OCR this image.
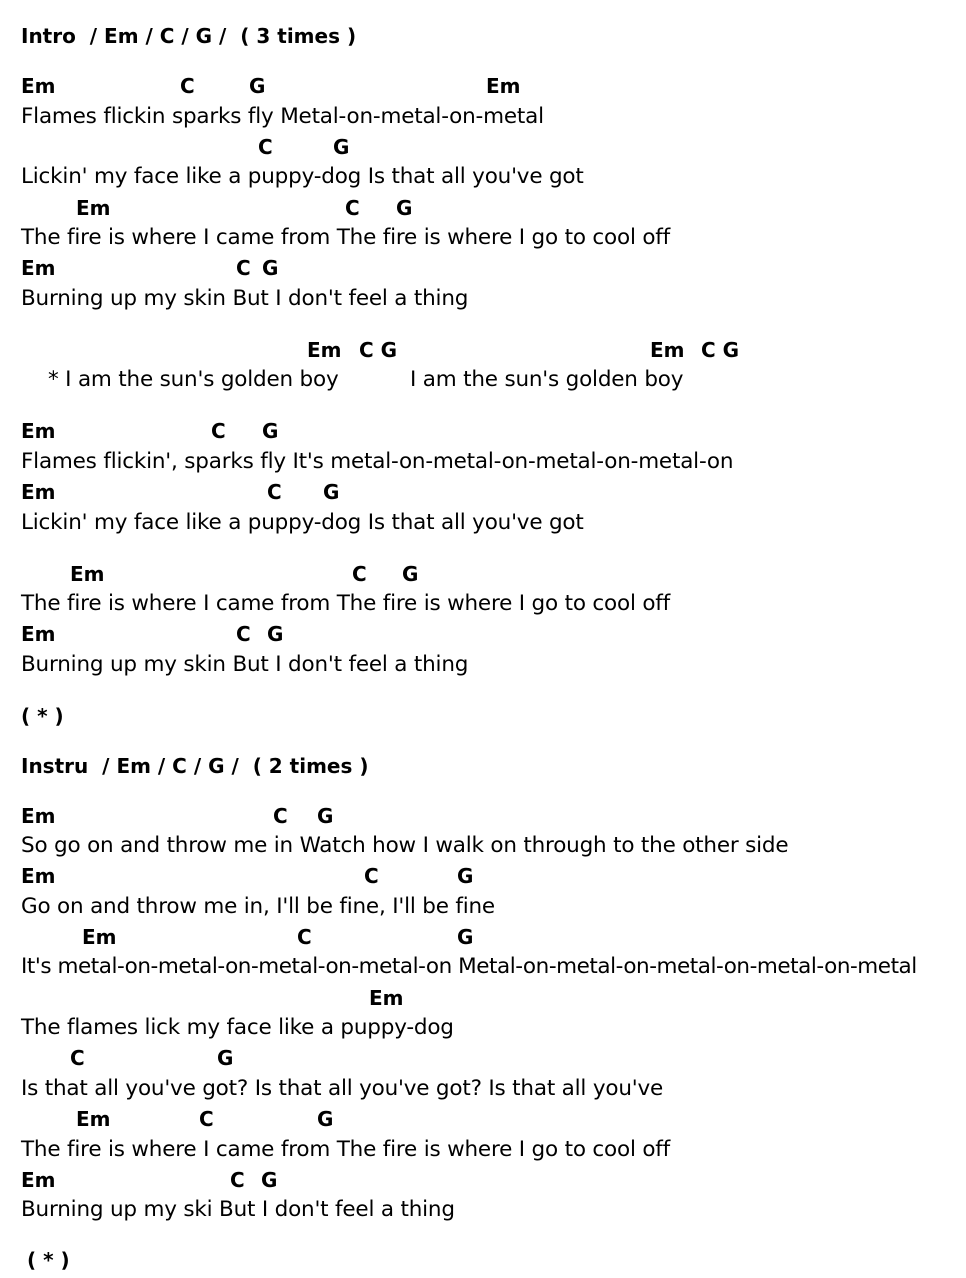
Intro  / Em / C / G /  ( 3 times )
Em	C	G	Em
Flames flickin sparks fly Metal-on-metal-on-metal
C	G
Lickin' my face like a puppy-dog Is that all you've got
Em	C G
The fire is where I came from The fire is where I go to cool off
Em	C G
Burning up my skin But I don't feel a thing
Em C G	Em C G
* I am the sun's golden boy	I am the sun's golden boy
Em	C G
Flames flickin', sparks fly It's metal-on-metal-on-metal-on-metal-on
Em	C G
Lickin' my face like a puppy-dog Is that all you've got
Em	C G
The fire is where I came from The fire is where I go to cool off
Em	C G
Burning up my skin But I don't feel a thing
( * )
Instru  / Em / C / G /  ( 2 times )
Em	C G
So go on and throw me in Watch how I walk on through to the other side
Em	C	G
Go on and throw me in, I'll be fine, I'll be fine
Em	C	G
It's metal-on-metal-on-metal-on-metal-on Metal-on-metal-on-metal-on-metal-on-metal
Em
The flames lick my face like a puppy-dog
C	G
Is that all you've got? Is that all you've got? Is that all you've
Em	C	G
The fire is where I came from The fire is where I go to cool off
Em	C G
Burning up my ski But I don't feel a thing
( * )
